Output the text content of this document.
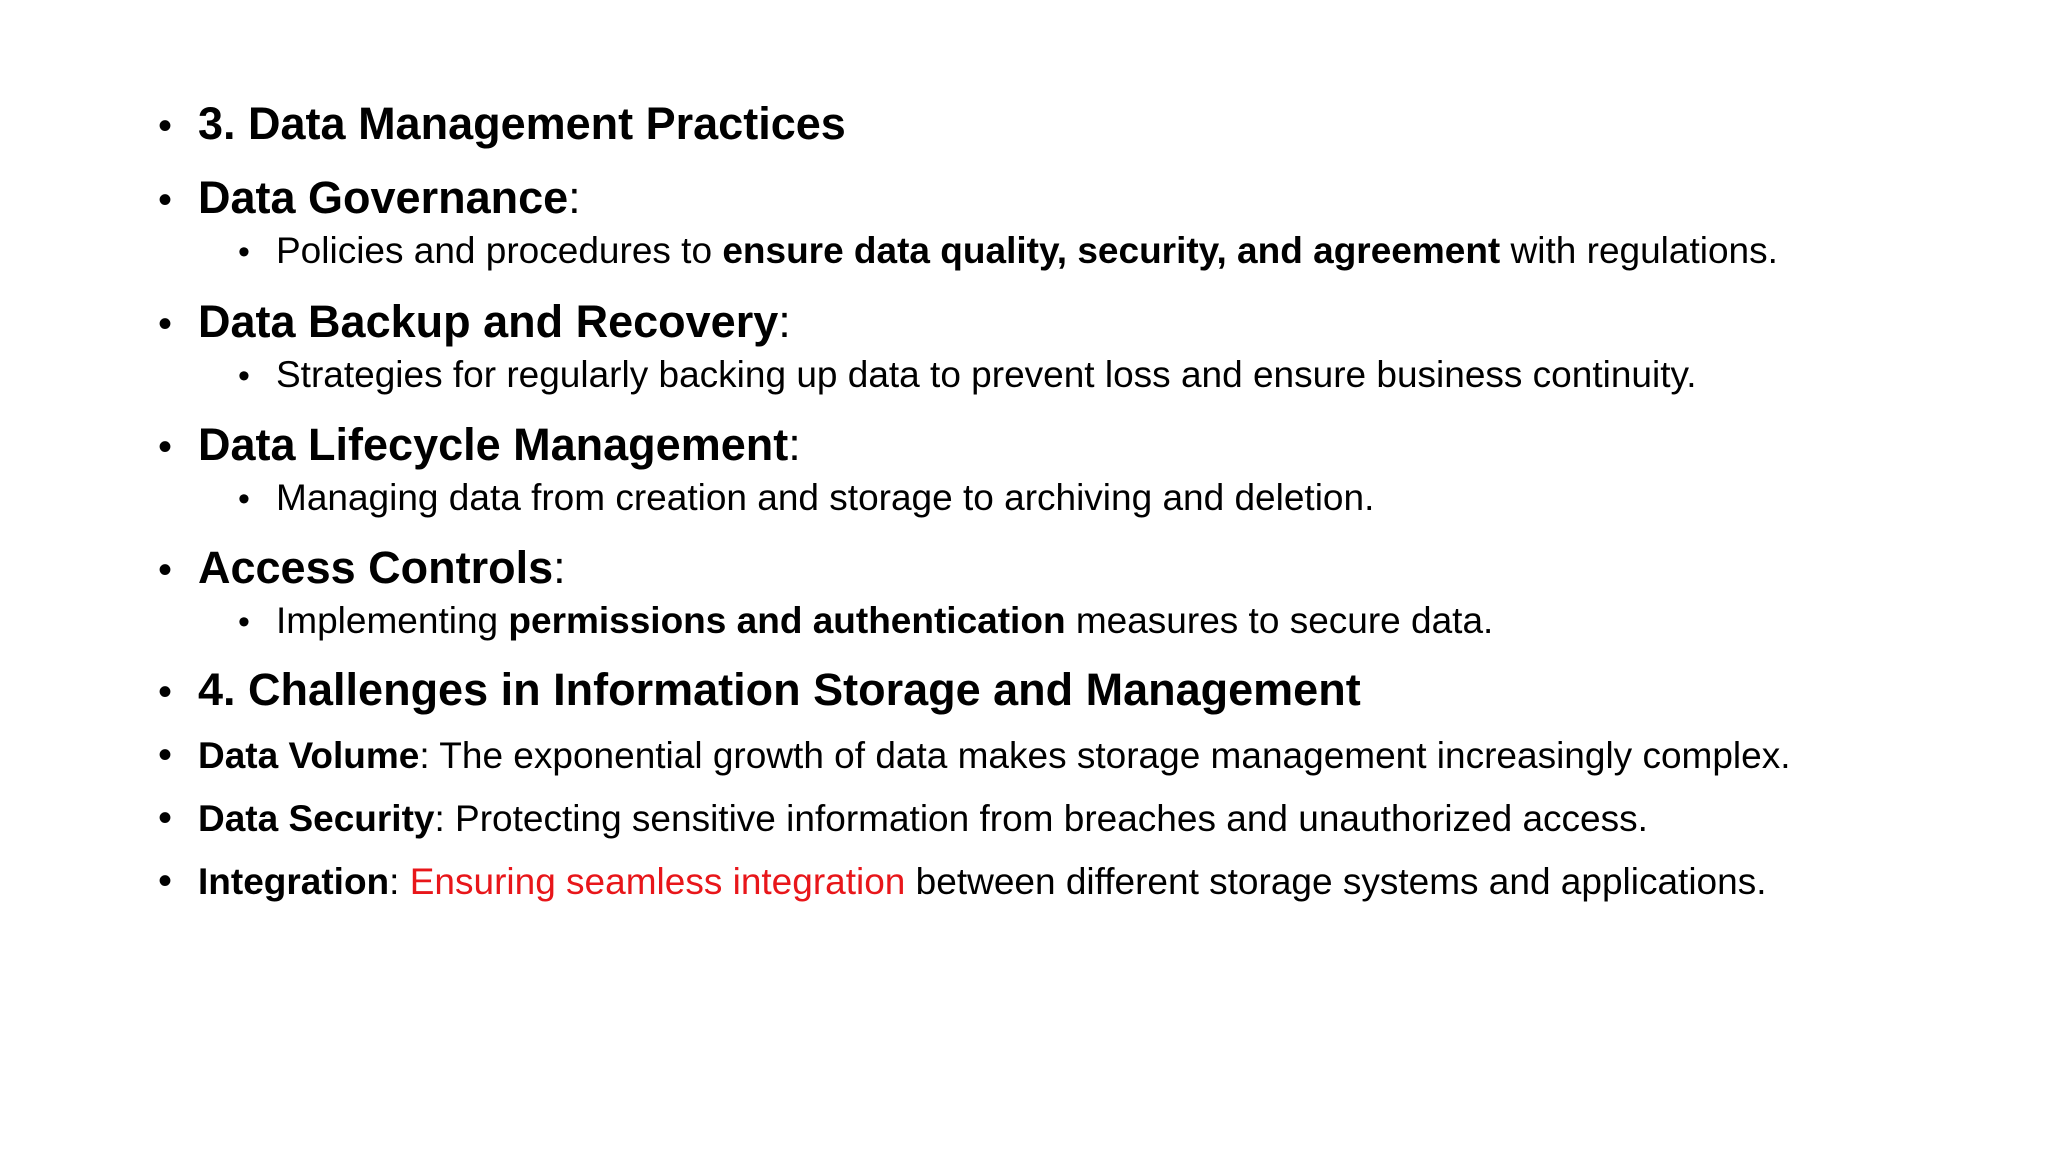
• 3. Data Management Practices
• Data Governance :
• Policies and procedures to ensure data quality, security, and agreement with regulations.
• Data Backup and Recovery :
• Strategies for regularly backing up data to prevent loss and ensure business continuity.
• Data Lifecycle Management :
• Managing data from creation and storage to archiving and deletion.
• Access Controls :
• Implementing permissions and authentication measures to secure data.
• 4. Challenges in Information Storage and Management
• Data Volume: The exponential growth of data makes storage management increasingly complex.
• Data Security: Protecting sensitive information from breaches and unauthorized access.
• Integration: Ensuring seamless integration between different storage systems and applications.
